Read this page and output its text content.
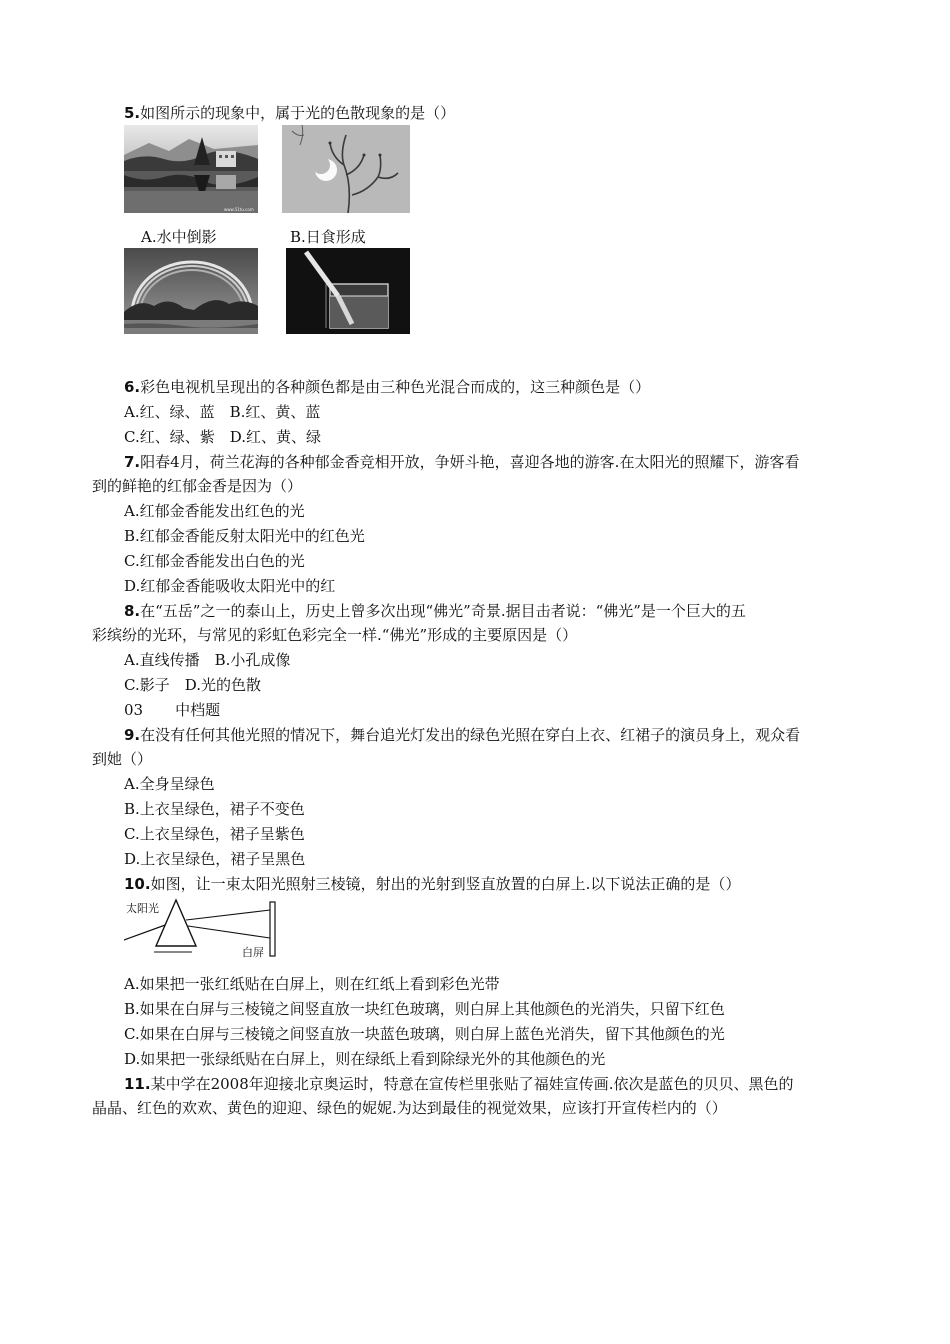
5.如图所示的现象中，属于光的色散现象的是（）
www.51tu.com
A.水中倒影	B.日食形成
6.彩色电视机呈现出的各种颜色都是由三种色光混合而成的，这三种颜色是（）
A.红、绿、蓝　B.红、黄、蓝
C.红、绿、紫　D.红、黄、绿
7.阳春4月，荷兰花海的各种郁金香竞相开放，争妍斗艳，喜迎各地的游客.在太阳光的照耀下，游客看
到的鲜艳的红郁金香是因为（）
A.红郁金香能发出红色的光
B.红郁金香能反射太阳光中的红色光
C.红郁金香能发出白色的光
D.红郁金香能吸收太阳光中的红
8.在“五岳”之一的泰山上，历史上曾多次出现“佛光”奇景.据目击者说：“佛光”是一个巨大的五
彩缤纷的光环，与常见的彩虹色彩完全一样.“佛光”形成的主要原因是（）
A.直线传播　B.小孔成像
C.影子　D.光的色散
03 中档题
9.在没有任何其他光照的情况下，舞台追光灯发出的绿色光照在穿白上衣、红裙子的演员身上，观众看
到她（）
A.全身呈绿色
B.上衣呈绿色，裙子不变色
C.上衣呈绿色，裙子呈紫色
D.上衣呈绿色，裙子呈黑色
10.如图，让一束太阳光照射三棱镜，射出的光射到竖直放置的白屏上.以下说法正确的是（）
太阳光
白屏
A.如果把一张红纸贴在白屏上，则在红纸上看到彩色光带
B.如果在白屏与三棱镜之间竖直放一块红色玻璃，则白屏上其他颜色的光消失，只留下红色
C.如果在白屏与三棱镜之间竖直放一块蓝色玻璃，则白屏上蓝色光消失，留下其他颜色的光
D.如果把一张绿纸贴在白屏上，则在绿纸上看到除绿光外的其他颜色的光
11.某中学在2008年迎接北京奥运时，特意在宣传栏里张贴了福娃宣传画.依次是蓝色的贝贝、黑色的
晶晶、红色的欢欢、黄色的迎迎、绿色的妮妮.为达到最佳的视觉效果，应该打开宣传栏内的（）
